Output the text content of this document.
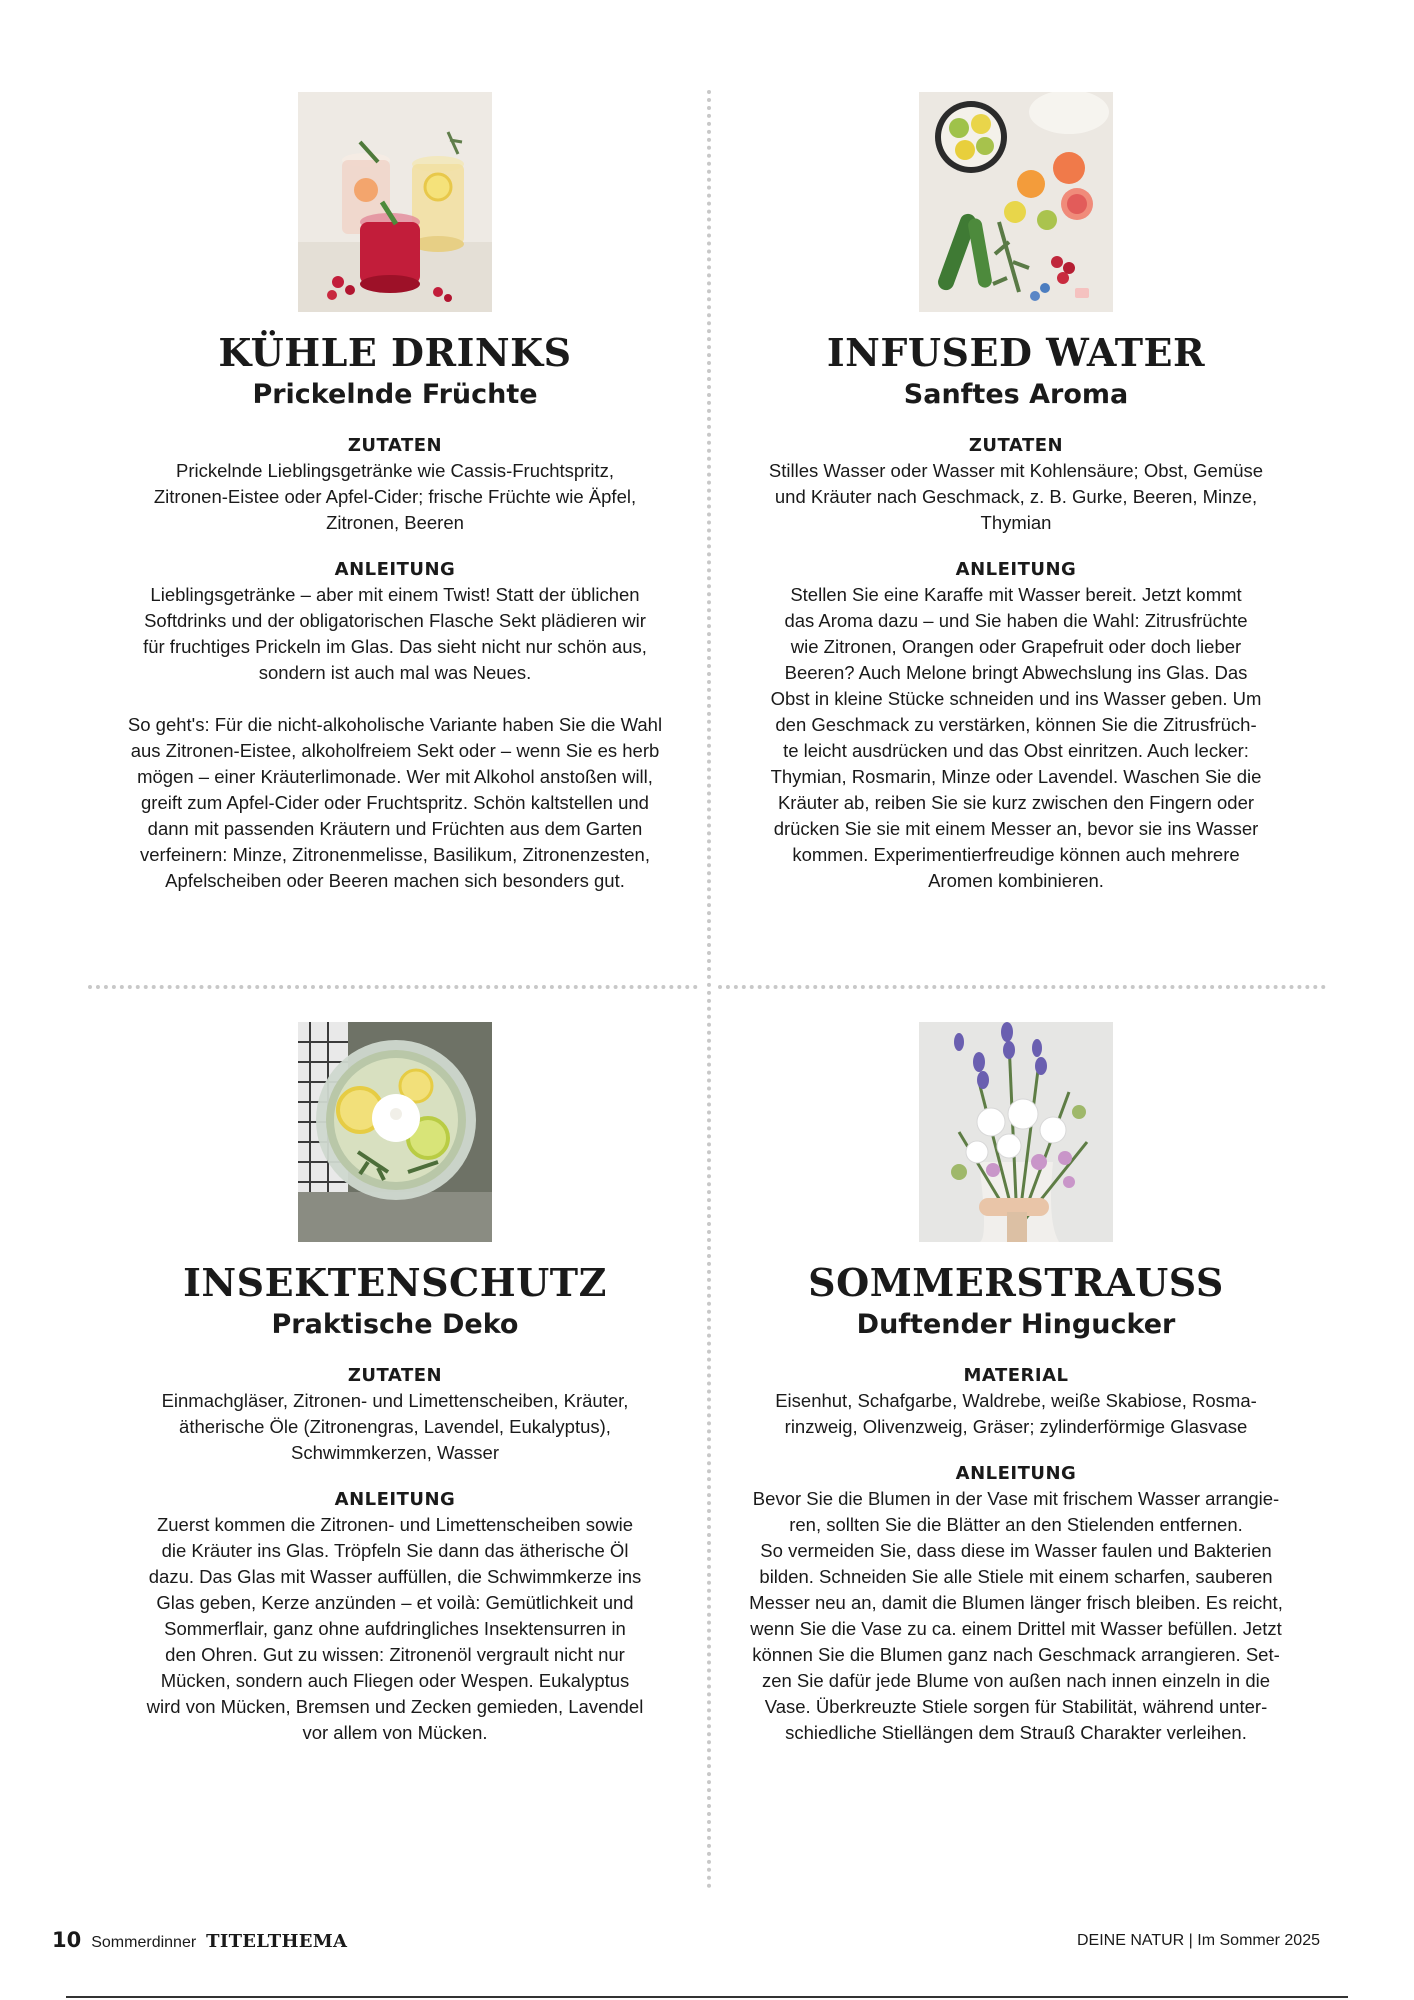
KÜHLE DRINKS
Prickelnde Früchte
ZUTATEN
Prickelnde Lieblingsgetränke wie Cassis-Fruchtspritz,
Zitronen-Eistee oder Apfel-Cider; frische Früchte wie Äpfel,
Zitronen, Beeren
ANLEITUNG
Lieblingsgetränke – aber mit einem Twist! Statt der üblichen
Softdrinks und der obligatorischen Flasche Sekt plädieren wir
für fruchtiges Prickeln im Glas. Das sieht nicht nur schön aus,
sondern ist auch mal was Neues.
So geht's: Für die nicht-alkoholische Variante haben Sie die Wahl
aus Zitronen-Eistee, alkoholfreiem Sekt oder – wenn Sie es herb
mögen – einer Kräuterlimonade. Wer mit Alkohol anstoßen will,
greift zum Apfel-Cider oder Fruchtspritz. Schön kaltstellen und
dann mit passenden Kräutern und Früchten aus dem Garten
verfeinern: Minze, Zitronenmelisse, Basilikum, Zitronenzesten,
Apfelscheiben oder Beeren machen sich besonders gut.
INFUSED WATER
Sanftes Aroma
ZUTATEN
Stilles Wasser oder Wasser mit Kohlensäure; Obst, Gemüse
und Kräuter nach Geschmack, z. B. Gurke, Beeren, Minze,
Thymian
ANLEITUNG
Stellen Sie eine Karaffe mit Wasser bereit. Jetzt kommt
das Aroma dazu – und Sie haben die Wahl: Zitrusfrüchte
wie Zitronen, Orangen oder Grapefruit oder doch lieber
Beeren? Auch Melone bringt Abwechslung ins Glas. Das
Obst in kleine Stücke schneiden und ins Wasser geben. Um
den Geschmack zu verstärken, können Sie die Zitrusfrüch-
te leicht ausdrücken und das Obst einritzen. Auch lecker:
Thymian, Rosmarin, Minze oder Lavendel. Waschen Sie die
Kräuter ab, reiben Sie sie kurz zwischen den Fingern oder
drücken Sie sie mit einem Messer an, bevor sie ins Wasser
kommen. Experimentierfreudige können auch mehrere
Aromen kombinieren.
INSEKTENSCHUTZ
Praktische Deko
ZUTATEN
Einmachgläser, Zitronen- und Limettenscheiben, Kräuter,
ätherische Öle (Zitronengras, Lavendel, Eukalyptus),
Schwimmkerzen, Wasser
ANLEITUNG
Zuerst kommen die Zitronen- und Limettenscheiben sowie
die Kräuter ins Glas. Tröpfeln Sie dann das ätherische Öl
dazu. Das Glas mit Wasser auffüllen, die Schwimmkerze ins
Glas geben, Kerze anzünden – et voilà: Gemütlichkeit und
Sommerflair, ganz ohne aufdringliches Insektensurren in
den Ohren. Gut zu wissen: Zitronenöl vergrault nicht nur
Mücken, sondern auch Fliegen oder Wespen. Eukalyptus
wird von Mücken, Bremsen und Zecken gemieden, Lavendel
vor allem von Mücken.
SOMMERSTRAUSS
Duftender Hingucker
MATERIAL
Eisenhut, Schafgarbe, Waldrebe, weiße Skabiose, Rosma-
rinzweig, Olivenzweig, Gräser; zylinderförmige Glasvase
ANLEITUNG
Bevor Sie die Blumen in der Vase mit frischem Wasser arrangie-
ren, sollten Sie die Blätter an den Stielenden entfernen.
So vermeiden Sie, dass diese im Wasser faulen und Bakterien
bilden. Schneiden Sie alle Stiele mit einem scharfen, sauberen
Messer neu an, damit die Blumen länger frisch bleiben. Es reicht,
wenn Sie die Vase zu ca. einem Drittel mit Wasser befüllen. Jetzt
können Sie die Blumen ganz nach Geschmack arrangieren. Set-
zen Sie dafür jede Blume von außen nach innen einzeln in die
Vase. Überkreuzte Stiele sorgen für Stabilität, während unter-
schiedliche Stiellängen dem Strauß Charakter verleihen.
10 Sommerdinner TITELTHEMA	DEINE NATUR | Im Sommer 2025
